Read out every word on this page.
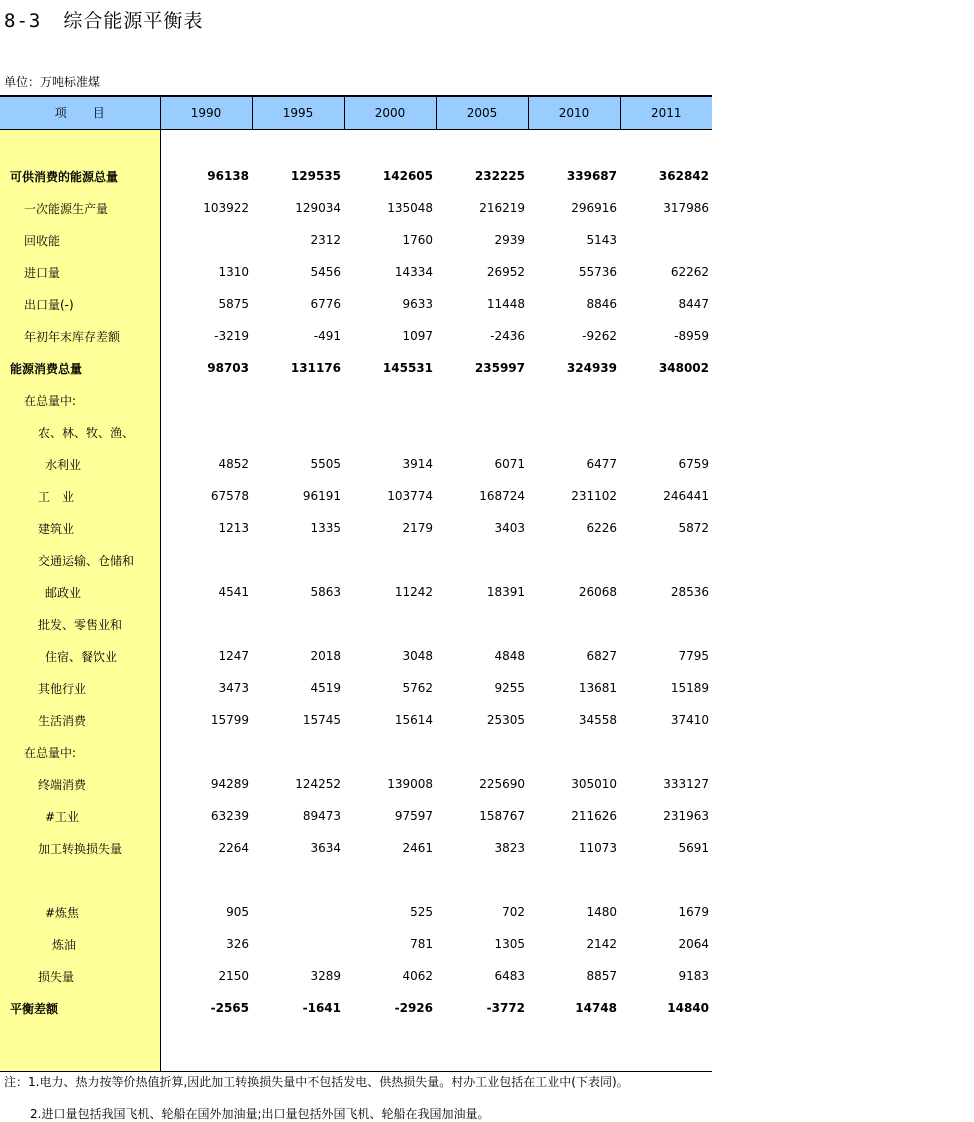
8-3 综合能源平衡表
单位：万吨标准煤
项目	1990	1995	2000	2005	2010	2011

可供消费的能源总量	96138	129535	142605	232225	339687	362842
一次能源生产量	103922	129034	135048	216219	296916	317986
回收能		2312	1760	2939	5143	
进口量	1310	5456	14334	26952	55736	62262
出口量(-)	5875	6776	9633	11448	8846	8447
年初年末库存差额	-3219	-491	1097	-2436	-9262	-8959
能源消费总量	98703	131176	145531	235997	324939	348002
在总量中:						
农、林、牧、渔、						
水利业	4852	5505	3914	6071	6477	6759
工　业	67578	96191	103774	168724	231102	246441
建筑业	1213	1335	2179	3403	6226	5872
交通运输、仓储和						
邮政业	4541	5863	11242	18391	26068	28536
批发、零售业和						
住宿、餐饮业	1247	2018	3048	4848	6827	7795
其他行业	3473	4519	5762	9255	13681	15189
生活消费	15799	15745	15614	25305	34558	37410
在总量中:						
终端消费	94289	124252	139008	225690	305010	333127
#工业	63239	89473	97597	158767	211626	231963
加工转换损失量	2264	3634	2461	3823	11073	5691

#炼焦	905		525	702	1480	1679
炼油	326		781	1305	2142	2064
损失量	2150	3289	4062	6483	8857	9183
平衡差额	-2565	-1641	-2926	-3772	14748	14840

注：1.电力、热力按等价热值折算,因此加工转换损失量中不包括发电、供热损失量。村办工业包括在工业中(下表同)。
2.进口量包括我国飞机、轮船在国外加油量;出口量包括外国飞机、轮船在我国加油量。
